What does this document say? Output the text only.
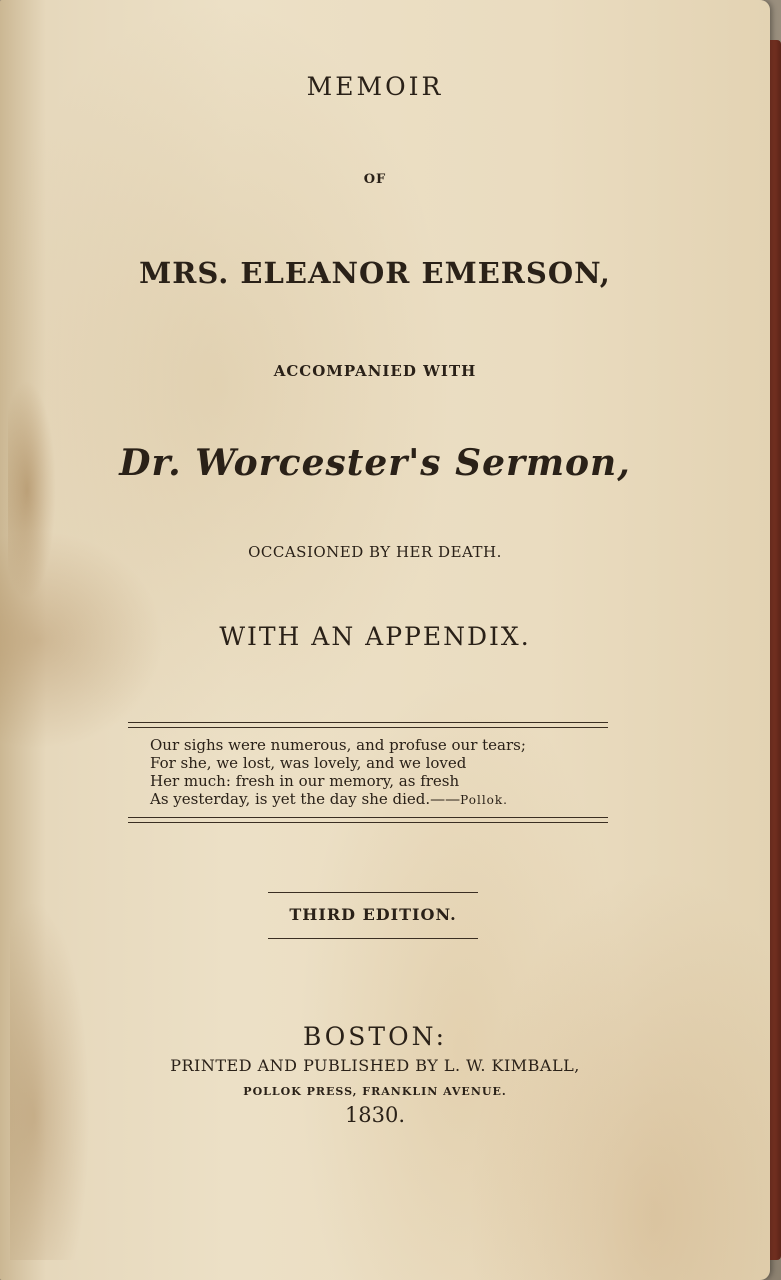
MEMOIR
OF
MRS. ELEANOR EMERSON,
ACCOMPANIED WITH
Dr. Worcester's Sermon,
OCCASIONED BY HER DEATH.
WITH AN APPENDIX.
Our sighs were numerous, and profuse our tears;
For she, we lost, was lovely, and we loved
Her much: fresh in our memory, as fresh
As yesterday, is yet the day she died.——Pollok.
THIRD EDITION.
BOSTON:
PRINTED AND PUBLISHED BY L. W. KIMBALL,
POLLOK PRESS, FRANKLIN AVENUE.
1830.
